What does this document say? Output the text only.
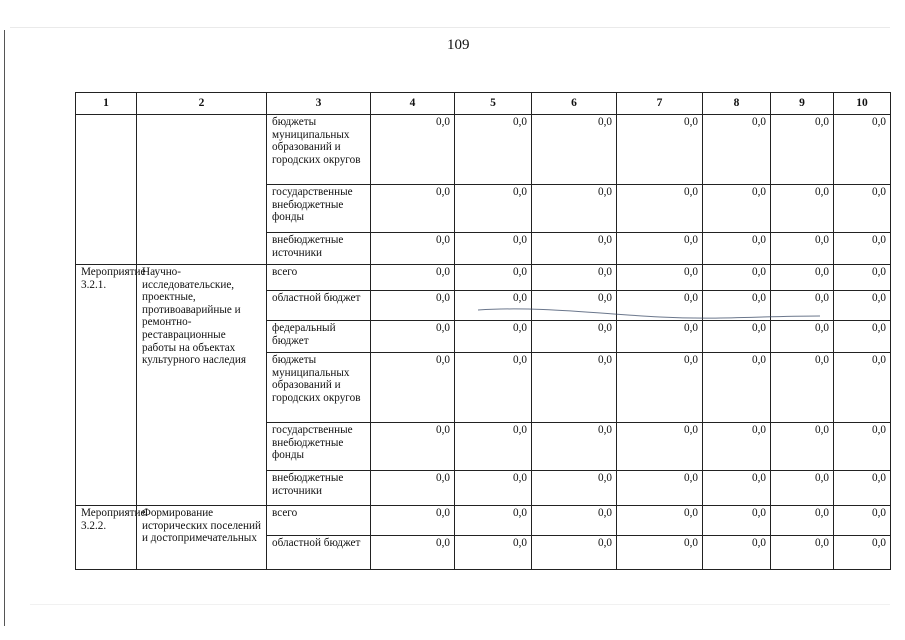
109
1	2	3	4	5	6	7	8	9	10
		бюджеты муниципальных образований и городских округов	0,0	0,0	0,0	0,0	0,0	0,0	0,0
		государственные внебюджетные фонды	0,0	0,0	0,0	0,0	0,0	0,0	0,0
		внебюджетные источники	0,0	0,0	0,0	0,0	0,0	0,0	0,0
Мероприятие 3.2.1.	Научно-исследовательские, проектные, противоаварийные и ремонтно-реставрационные работы на объектах культурного наследия	всего	0,0	0,0	0,0	0,0	0,0	0,0	0,0
		областной бюджет	0,0	0,0	0,0	0,0	0,0	0,0	0,0
		федеральный бюджет	0,0	0,0	0,0	0,0	0,0	0,0	0,0
		бюджеты муниципальных образований и городских округов	0,0	0,0	0,0	0,0	0,0	0,0	0,0
		государственные внебюджетные фонды	0,0	0,0	0,0	0,0	0,0	0,0	0,0
		внебюджетные источники	0,0	0,0	0,0	0,0	0,0	0,0	0,0
Мероприятие 3.2.2.	Формирование исторических поселений и достопримечательных	всего	0,0	0,0	0,0	0,0	0,0	0,0	0,0
		областной бюджет	0,0	0,0	0,0	0,0	0,0	0,0	0,0
